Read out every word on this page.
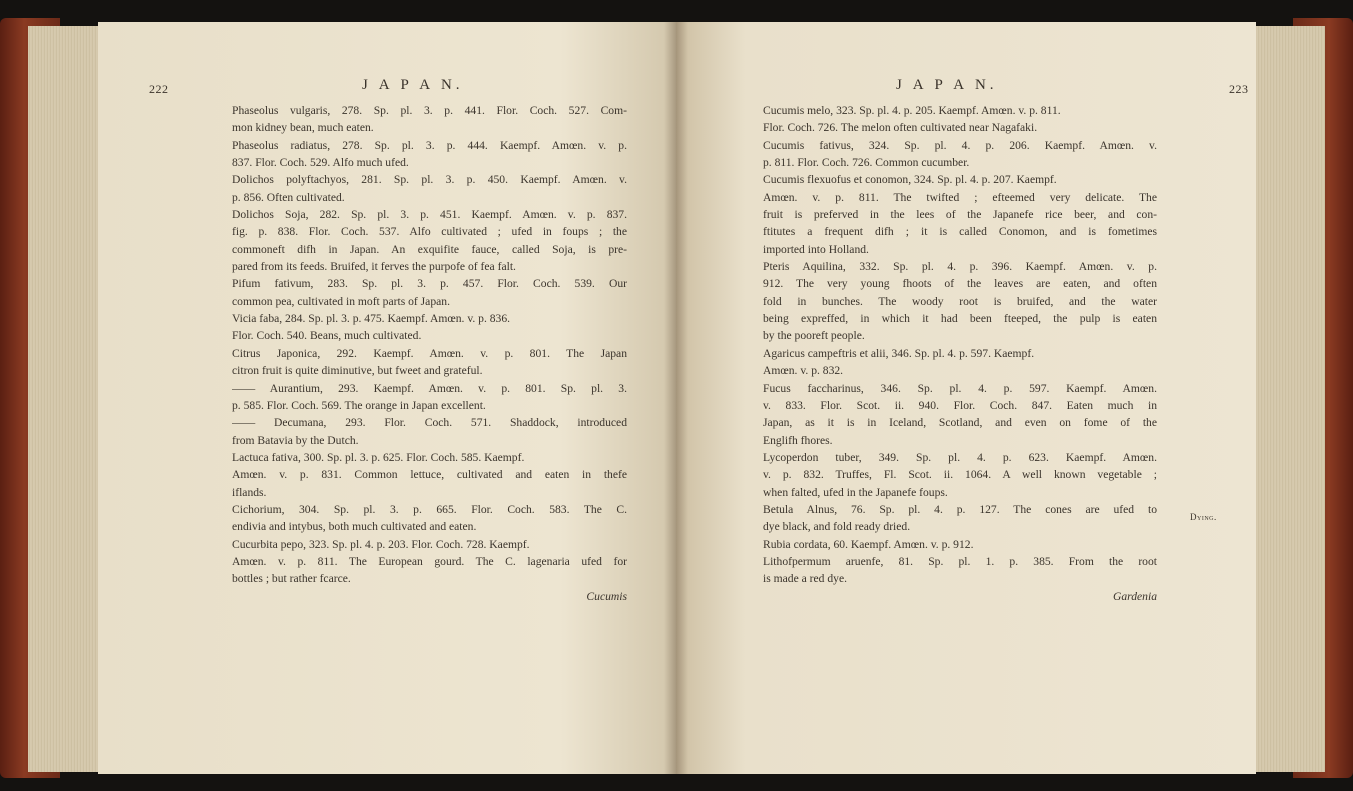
222	J A P A N.	223
J A P A N.
Phaseolus vulgaris, 278. Sp. pl. 3. p. 441. Flor. Coch. 527. Com-
mon kidney bean, much eaten.
Phaseolus radiatus, 278. Sp. pl. 3. p. 444. Kaempf. Amœn. v. p.
837. Flor. Coch. 529. Alfo much ufed.
Dolichos polyftachyos, 281. Sp. pl. 3. p. 450. Kaempf. Amœn. v.
p. 856. Often cultivated.
Dolichos Soja, 282. Sp. pl. 3. p. 451. Kaempf. Amœn. v. p. 837.
fig. p. 838. Flor. Coch. 537. Alfo cultivated ; ufed in foups ; the
commoneft difh in Japan. An exquifite fauce, called Soja, is pre-
pared from its feeds. Bruifed, it ferves the purpofe of fea falt.
Pifum fativum, 283. Sp. pl. 3. p. 457. Flor. Coch. 539. Our
common pea, cultivated in moft parts of Japan.
Vicia faba, 284. Sp. pl. 3. p. 475. Kaempf. Amœn. v. p. 836.
Flor. Coch. 540. Beans, much cultivated.
Citrus Japonica, 292. Kaempf. Amœn. v. p. 801. The Japan
citron fruit is quite diminutive, but fweet and grateful.
—— Aurantium, 293. Kaempf. Amœn. v. p. 801. Sp. pl. 3.
p. 585. Flor. Coch. 569. The orange in Japan excellent.
—— Decumana, 293. Flor. Coch. 571. Shaddock, introduced
from Batavia by the Dutch.
Lactuca fativa, 300. Sp. pl. 3. p. 625. Flor. Coch. 585. Kaempf.
Amœn. v. p. 831. Common lettuce, cultivated and eaten in thefe
iflands.
Cichorium, 304. Sp. pl. 3. p. 665. Flor. Coch. 583. The C.
endivia and intybus, both much cultivated and eaten.
Cucurbita pepo, 323. Sp. pl. 4. p. 203. Flor. Coch. 728. Kaempf.
Amœn. v. p. 811. The European gourd. The C. lagenaria ufed for
bottles ; but rather fcarce.
Cucumis
Cucumis melo, 323. Sp. pl. 4. p. 205. Kaempf. Amœn. v. p. 811.
Flor. Coch. 726. The melon often cultivated near Nagafaki.
Cucumis fativus, 324. Sp. pl. 4. p. 206. Kaempf. Amœn. v.
p. 811. Flor. Coch. 726. Common cucumber.
Cucumis flexuofus et conomon, 324. Sp. pl. 4. p. 207. Kaempf.
Amœn. v. p. 811. The twifted ; efteemed very delicate. The
fruit is preferved in the lees of the Japanefe rice beer, and con-
ftitutes a frequent difh ; it is called Conomon, and is fometimes
imported into Holland.
Pteris Aquilina, 332. Sp. pl. 4. p. 396. Kaempf. Amœn. v. p.
912. The very young fhoots of the leaves are eaten, and often
fold in bunches. The woody root is bruifed, and the water
being expreffed, in which it had been fteeped, the pulp is eaten
by the pooreft people.
Agaricus campeftris et alii, 346. Sp. pl. 4. p. 597. Kaempf.
Amœn. v. p. 832.
Fucus faccharinus, 346. Sp. pl. 4. p. 597. Kaempf. Amœn.
v. 833. Flor. Scot. ii. 940. Flor. Coch. 847. Eaten much in
Japan, as it is in Iceland, Scotland, and even on fome of the
Englifh fhores.
Lycoperdon tuber, 349. Sp. pl. 4. p. 623. Kaempf. Amœn.
v. p. 832. Truffes, Fl. Scot. ii. 1064. A well known vegetable ;
when falted, ufed in the Japanefe foups.
Betula Alnus, 76. Sp. pl. 4. p. 127. The cones are ufed to
dye black, and fold ready dried.
Rubia cordata, 60. Kaempf. Amœn. v. p. 912.
Lithofpermum aruenfe, 81. Sp. pl. 1. p. 385. From the root
is made a red dye.
Gardenia
Dying.
